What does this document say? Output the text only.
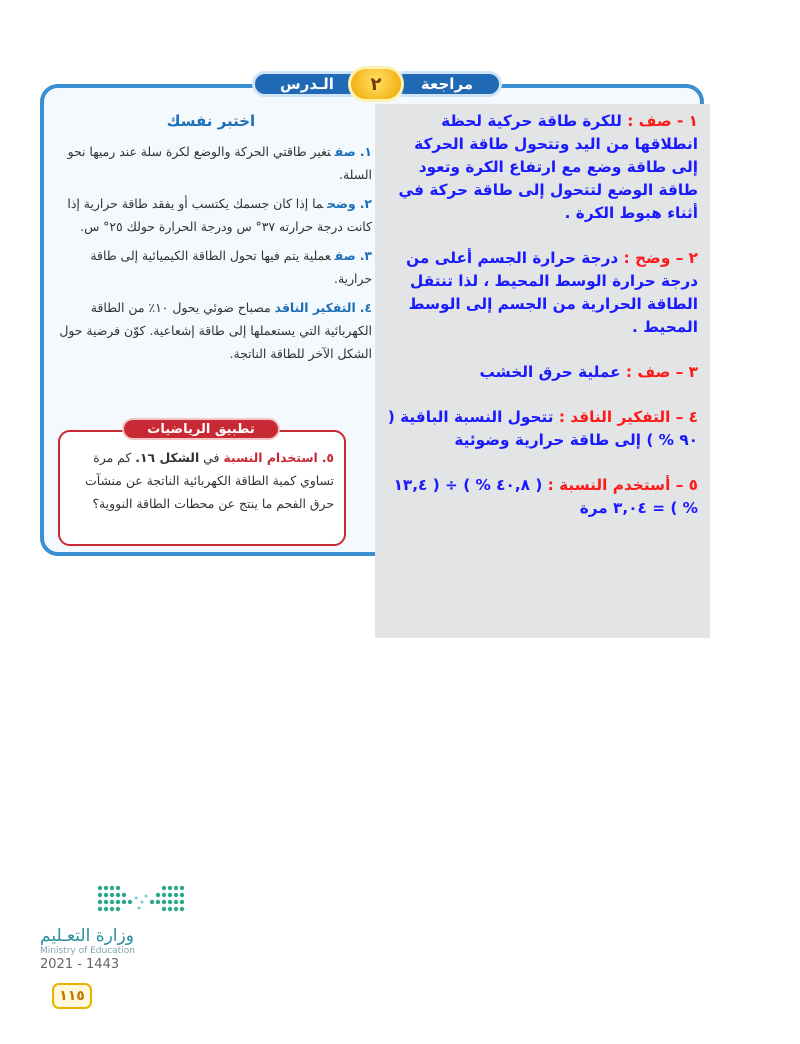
الـدرس	مراجعة
٢
اختبر نفسك
١.صفتغير طاقتي الحركة والوضع لكرة سلة عند رميها نحو السلة.
٢.وضحما إذا كان جسمك يكتسب أو يفقد طاقة حرارية إذا كانت درجة حرارته ٣٧° س ودرجة الحرارة حولك ٢٥° س.
٣.صفعملية يتم فيها تحول الطاقة الكيميائية إلى طاقة حرارية.
٤.التفكير الناقدمصباح ضوئي يحول ١٠٪ من الطاقة الكهربائية التي يستعملها إلى طاقة إشعاعية. كوّن فرضية حول الشكل الآخر للطاقة الناتجة.
٥. استخدام النسبة في الشكل ١٦. كم مرة تساوي كمية الطاقة الكهربائية الناتجة عن منشآت حرق الفحم ما ينتج عن محطات الطاقة النووية؟
تطبيق الرياضيات
١ - صف : للكرة طاقة حركية لحظة انطلاقها من اليد وتتحول طاقة الحركة إلى طاقة وضع مع ارتفاع الكرة وتعود طاقة الوضع لتتحول إلى طاقة حركة في أثناء هبوط الكرة .
٢ – وضح : درجة حرارة الجسم أعلى من درجة حرارة الوسط المحيط ، لذا تنتقل الطاقة الحرارية من الجسم إلى الوسط المحيط .
٣ – صف : عملية حرق الخشب
٤ – التفكير الناقد : تتحول النسبة الباقية ( ٩٠ % ) إلى طاقة حرارية وضوئية
٥ – أستخدم النسبة : ( ٤٠,٨ % ) ÷ ( ١٣,٤ % ) = ٣,٠٤ مرة
وزارة التعـليم
Ministry of Education
2021 - 1443
١١٥
